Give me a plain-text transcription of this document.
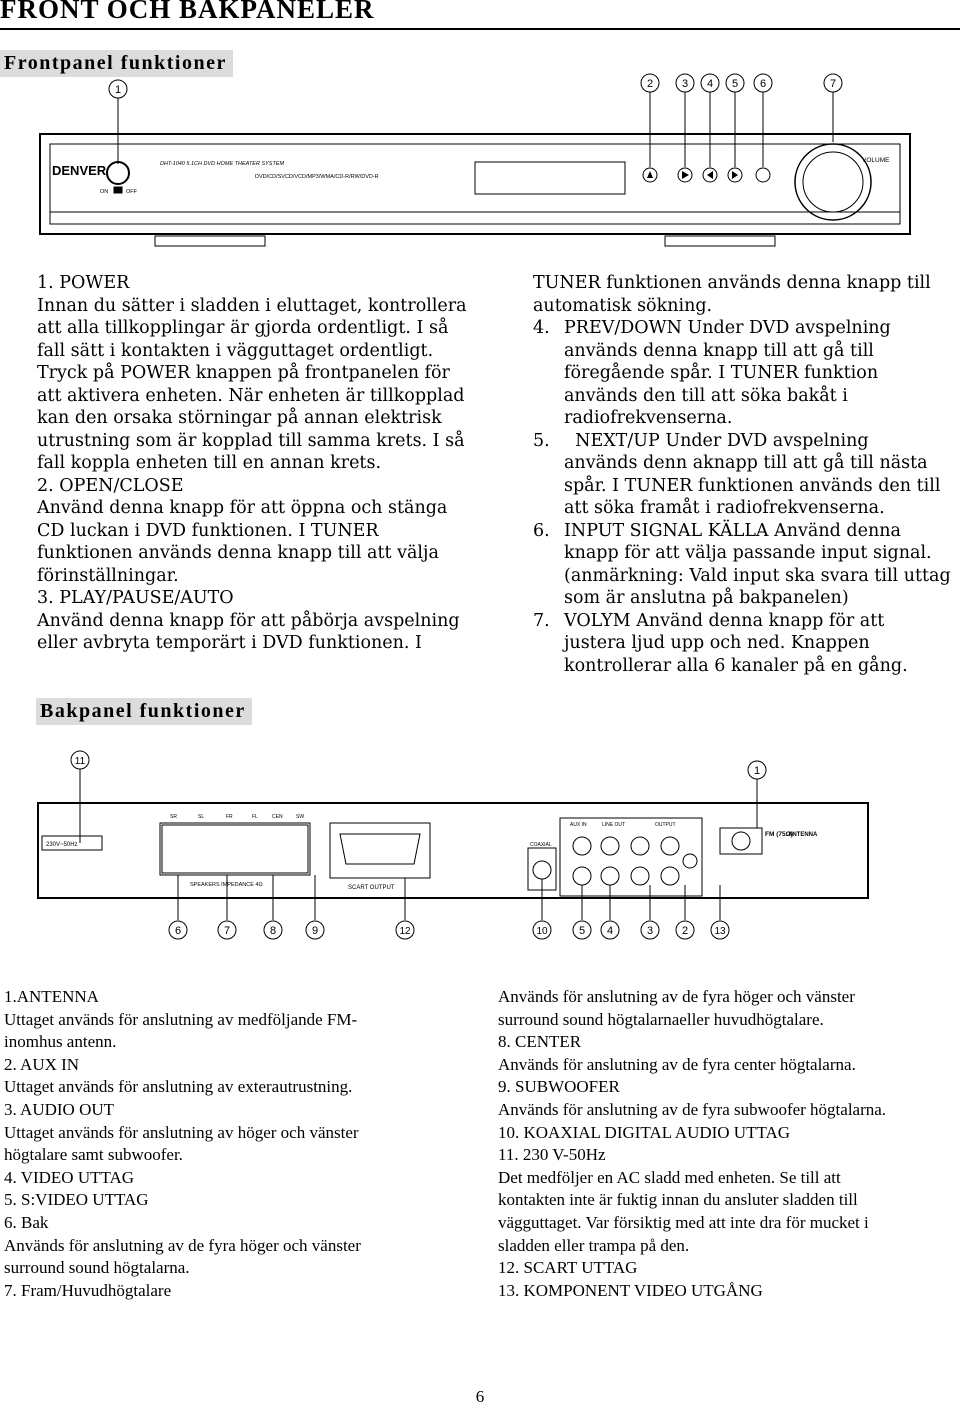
FRONT OCH BAKPANELER
Frontpanel funktioner
1	2	3 4 5 6	7
DENVER	DHT-1040 5.1CH DVD HOME THEATER SYSTEM
DVD/CD/SVCD/VCD/MP3/WMA/CD-R/RW/DVD-R
VOLUME
ON	OFF

1. POWER

Innan du sätter i sladden i eluttaget, kontrollera

att alla tillkopplingar är gjorda ordentligt. I så

fall sätt i kontakten i vägguttaget ordentligt.

Tryck på POWER knappen på frontpanelen för

att aktivera enheten. När enheten är tillkopplad

kan den orsaka störningar på annan elektrisk

utrustning som är kopplad till samma krets. I så

fall koppla enheten till en annan krets.

2. OPEN/CLOSE

Använd denna knapp för att öppna och stänga

CD luckan i DVD funktionen. I TUNER

funktionen används denna knapp till att välja

förinställningar.

3. PLAY/PAUSE/AUTO

Använd denna knapp för att påbörja avspelning

eller avbryta temporärt i DVD funktionen. I

TUNER funktionen används denna knapp till

automatisk sökning.

4. PREV/DOWN Under DVD avspelning

används denna knapp till att gå till

föregående spår. I TUNER funktion

används den till att söka bakåt i

radiofrekvenserna.

5.  NEXT/UP Under DVD avspelning

används denn aknapp till att gå till nästa

spår. I TUNER funktionen används den till

att söka framåt i radiofrekvenserna.

6. INPUT SIGNAL KÄLLA Använd denna

knapp för att välja passande input signal.

(anmärkning: Vald input ska svara till uttag

som är anslutna på bakpanelen)

7. VOLYM Använd denna knapp för att

justera ljud upp och ned. Knappen

kontrollerar alla 6 kanaler på en gång.

Bakpanel funktioner
11
1
6	7	8	9	12	10	5 4	3	2	13
230V~50Hz
SPEAKERS IMPEDANCE 4Ω	SCART OUTPUT
AUX IN	LINE OUT	OUTPUT
COAXIAL
FM (75Ω)
ANTENNA
SR	SL	FR	FL	CEN	SW

1.ANTENNA

Uttaget används för anslutning av medföljande FM-

inomhus antenn.

2. AUX IN

Uttaget används för anslutning av exterautrustning.

3. AUDIO OUT

Uttaget används för anslutning av höger och vänster

högtalare samt subwoofer.

4. VIDEO UTTAG

5. S:VIDEO UTTAG

6. Bak

Används för anslutning av de fyra höger och vänster

surround sound högtalarna.

7. Fram/Huvudhögtalare

Används för anslutning av de fyra höger och vänster

surround sound högtalarnaeller huvudhögtalare.

8. CENTER

Används för anslutning av de fyra center högtalarna.

9. SUBWOOFER

Används för anslutning av de fyra subwoofer högtalarna.

10. KOAXIAL DIGITAL AUDIO UTTAG

11. 230 V-50Hz

Det medföljer en AC sladd med enheten. Se till att

kontakten inte är fuktig innan du ansluter sladden till

vägguttaget. Var försiktig med att inte dra för mucket i

sladden eller trampa på den.

12. SCART UTTAG

13. KOMPONENT VIDEO UTGÅNG

6
